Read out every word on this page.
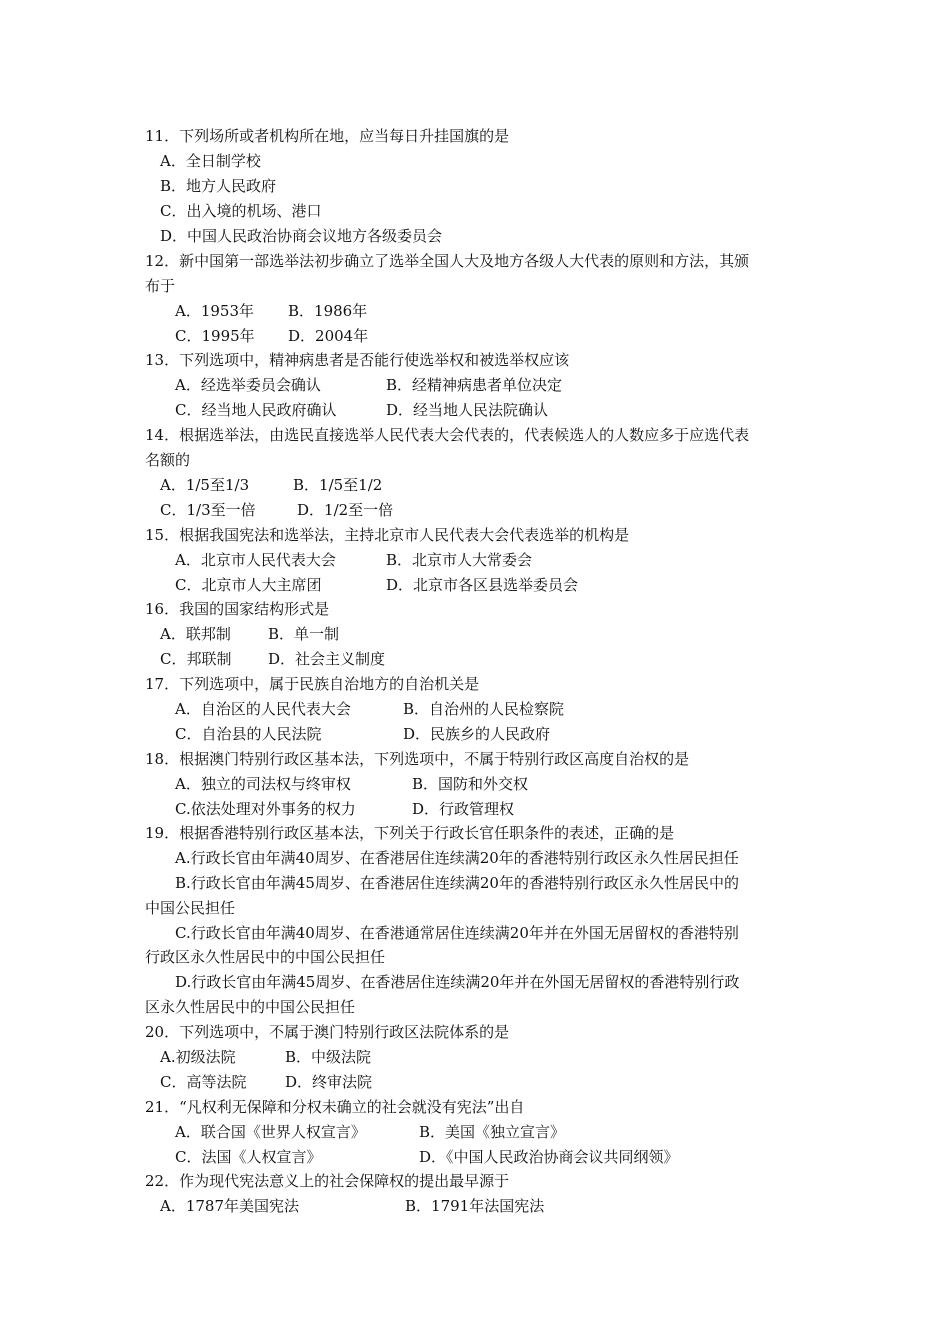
11．下列场所或者机构所在地，应当每日升挂国旗的是
A．全日制学校
B．地方人民政府
C．出入境的机场、港口
D．中国人民政治协商会议地方各级委员会
12．新中国第一部选举法初步确立了选举全国人大及地方各级人大代表的原则和方法，其颁
布于
A．1953年 B．1986年
C．1995年 D．2004年
13．下列选项中，精神病患者是否能行使选举权和被选举权应该
A．经选举委员会确认	B．经精神病患者单位决定
C．经当地人民政府确认	D．经当地人民法院确认
14．根据选举法，由选民直接选举人民代表大会代表的，代表候选人的人数应多于应选代表
名额的
A．1/5至1/3	B．1/5至1/2
C．1/3至一倍	D．1/2至一倍
15．根据我国宪法和选举法，主持北京市人民代表大会代表选举的机构是
A．北京市人民代表大会	B．北京市人大常委会
C．北京市人大主席团	D．北京市各区县选举委员会
16．我国的国家结构形式是
A．联邦制 B．单一制
C．邦联制 D．社会主义制度
17．下列选项中，属于民族自治地方的自治机关是
A．自治区的人民代表大会	B．自治州的人民检察院
C．自治县的人民法院	D．民族乡的人民政府
18．根据澳门特别行政区基本法，下列选项中，不属于特别行政区高度自治权的是
A．独立的司法权与终审权	B．国防和外交权
C.依法处理对外事务的权力	D．行政管理权
19．根据香港特别行政区基本法，下列关于行政长官任职条件的表述，正确的是
A.行政长官由年满40周岁、在香港居住连续满20年的香港特别行政区永久性居民担任
B.行政长官由年满45周岁、在香港居住连续满20年的香港特别行政区永久性居民中的
中国公民担任
C.行政长官由年满40周岁、在香港通常居住连续满20年并在外国无居留权的香港特别
行政区永久性居民中的中国公民担任
D.行政长官由年满45周岁、在香港居住连续满20年并在外国无居留权的香港特别行政
区永久性居民中的中国公民担任
20．下列选项中，不属于澳门特别行政区法院体系的是
A.初级法院	B．中级法院
C．高等法院	D．终审法院
21．“凡权利无保障和分权未确立的社会就没有宪法”出自
A．联合国《世界人权宣言》	B．美国《独立宣言》
C．法国《人权宣言》	D．《中国人民政治协商会议共同纲领》
22．作为现代宪法意义上的社会保障权的提出最早源于
A．1787年美国宪法	B．1791年法国宪法
